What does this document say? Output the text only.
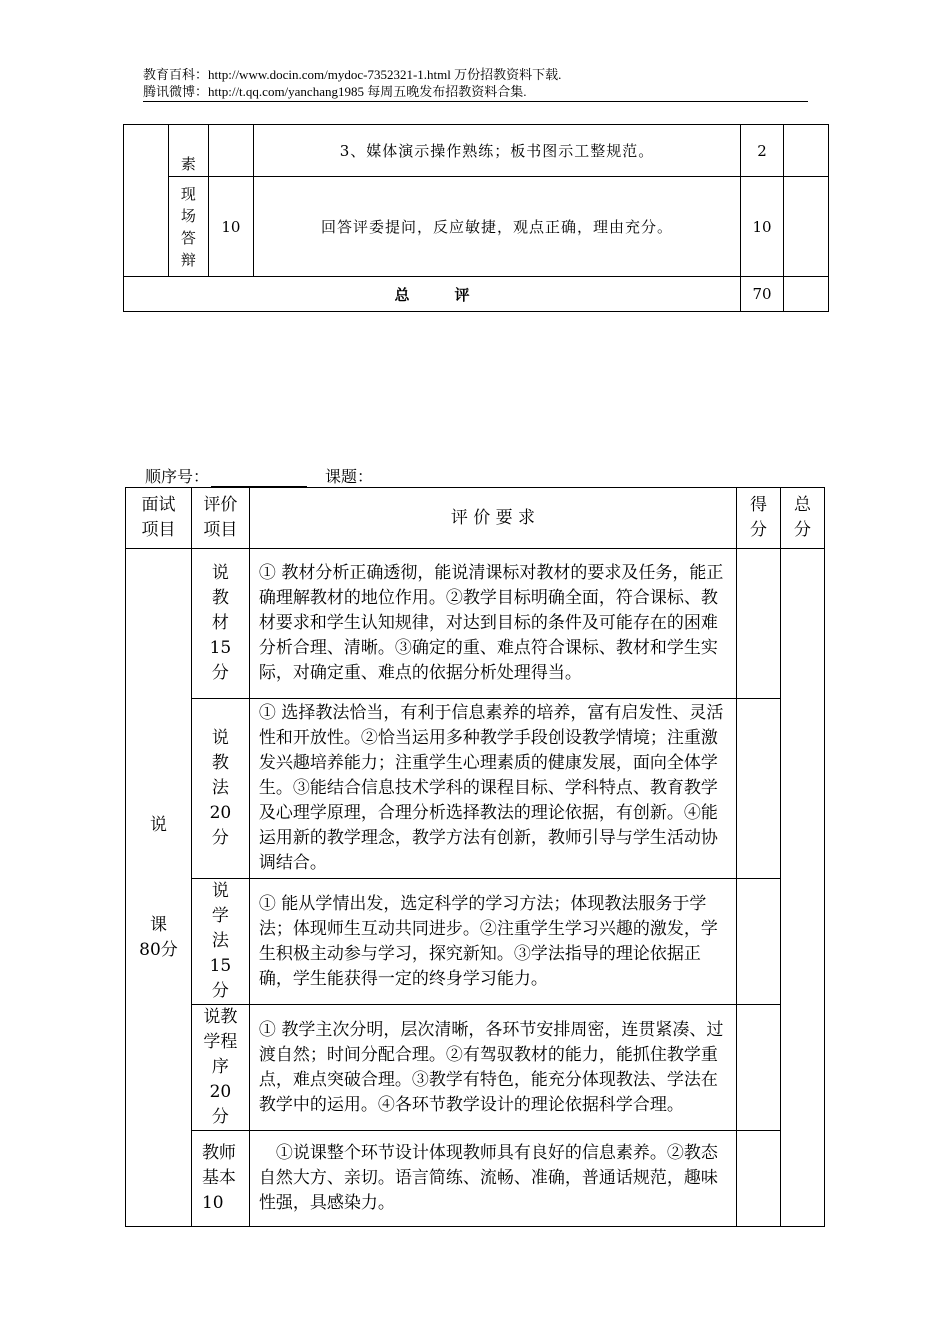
教育百科：http://www.docin.com/mydoc-7352321-1.html 万份招教资料下载.
腾讯微博：http://t.qq.com/yanchang1985 每周五晚发布招教资料合集.
	素		3、媒体演示操作熟练；板书图示工整规范。	2	
	现场答辩	10	回答评委提问，反应敏捷，观点正确，理由充分。	10	
总　　　评				70	
顺序号：	课题：
面试项目	评价项目	评 价 要 求	得分	总分

说
课
80分	说教材15分	① 教材分析正确透彻，能说清课标对教材的要求及任务，能正确理解教材的地位作用。②教学目标明确全面，符合课标、教材要求和学生认知规律，对达到目标的条件及可能存在的困难分析合理、清晰。③确定的重、难点符合课标、教材和学生实际，对确定重、难点的依据分析处理得当。		
	说教法20分	① 选择教法恰当，有利于信息素养的培养，富有启发性、灵活性和开放性。②恰当运用多种教学手段创设教学情境；注重激发兴趣培养能力；注重学生心理素质的健康发展，面向全体学生。③能结合信息技术学科的课程目标、学科特点、教育教学及心理学原理，合理分析选择教法的理论依据，有创新。④能运用新的教学理念，教学方法有创新，教师引导与学生活动协调结合。		
	说学法15分	① 能从学情出发，选定科学的学习方法；体现教法服务于学法；体现师生互动共同进步。②注重学生学习兴趣的激发，学生积极主动参与学习，探究新知。③学法指导的理论依据正确，学生能获得一定的终身学习能力。		
	说教学程序20分	① 教学主次分明，层次清晰，各环节安排周密，连贯紧凑、过渡自然；时间分配合理。②有驾驭教材的能力，能抓住教学重点，难点突破合理。③教学有特色，能充分体现教法、学法在教学中的运用。④各环节教学设计的理论依据科学合理。		
	教师基本10	　①说课整个环节设计体现教师具有良好的信息素养。②教态自然大方、亲切。语言简练、流畅、准确，普通话规范，趣味性强，具感染力。		
